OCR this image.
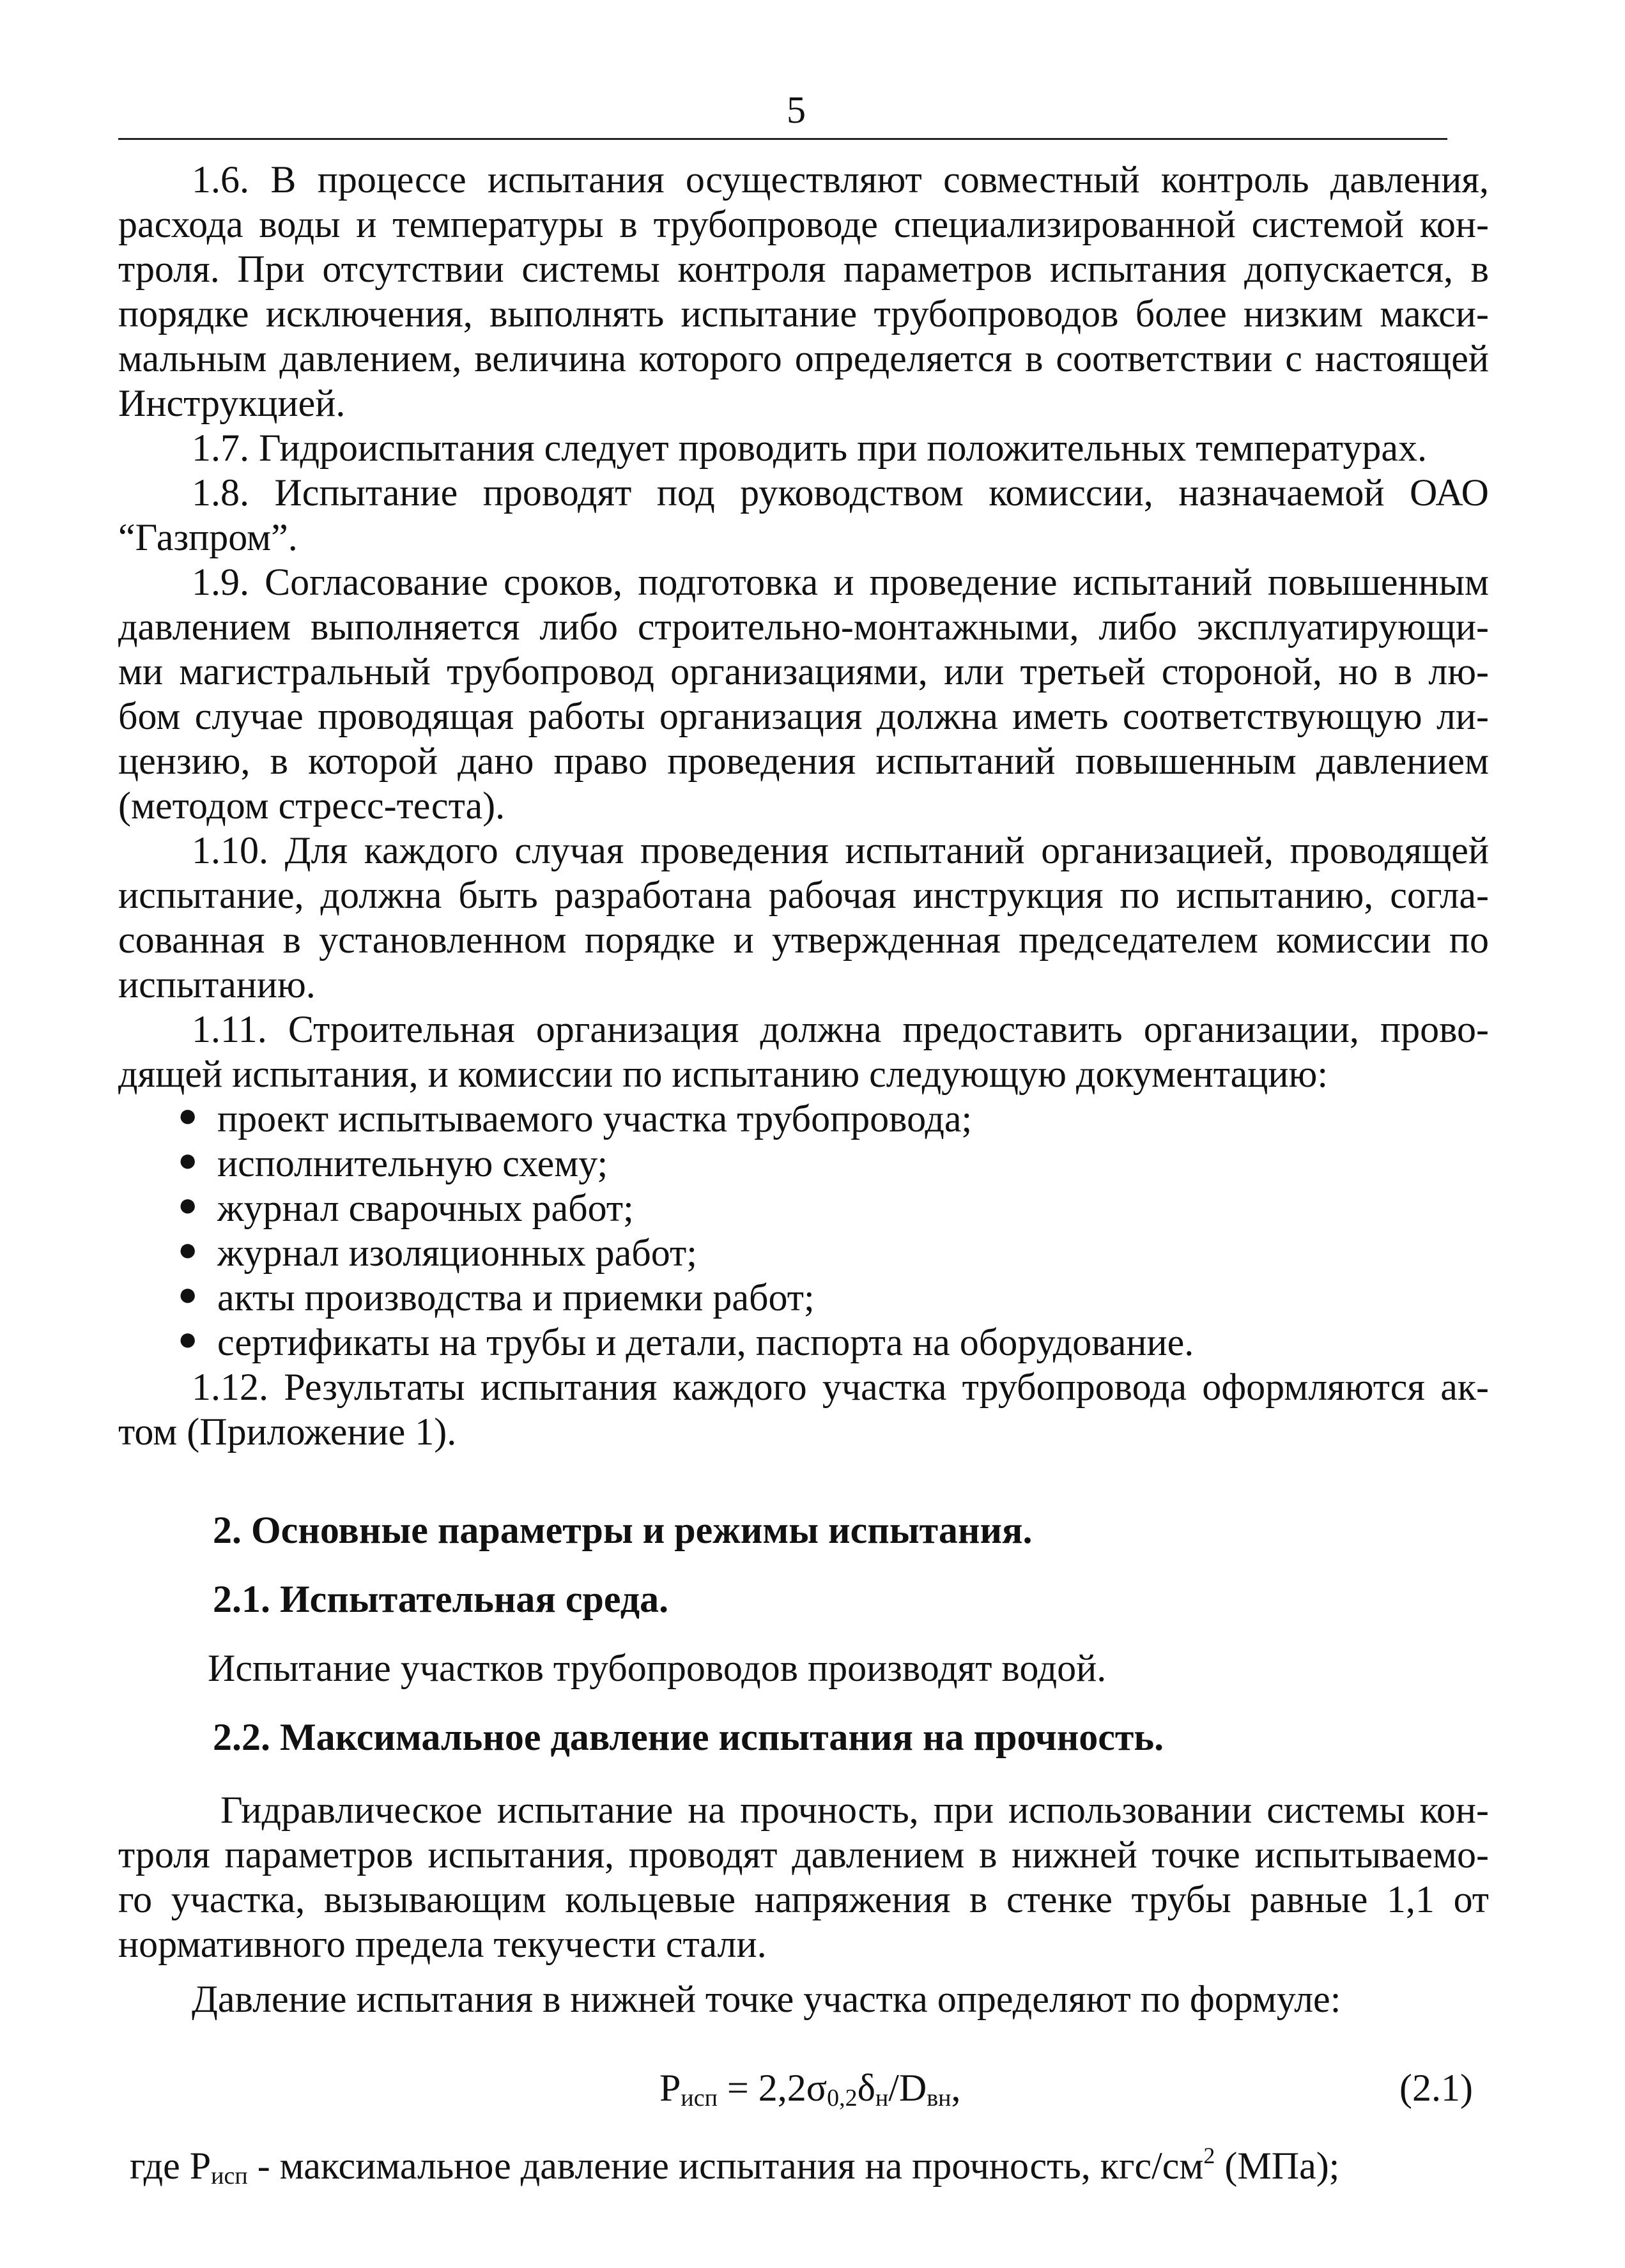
5
1.6. В процессе испытания осуществляют совместный контроль давления,
расхода воды и температуры в трубопроводе специализированной системой кон-
троля. При отсутствии системы контроля параметров испытания допускается, в
порядке исключения, выполнять испытание трубопроводов более низким макси-
мальным давлением, величина которого определяется в соответствии с настоящей
Инструкцией.
1.7. Гидроиспытания следует проводить при положительных температурах.
1.8. Испытание проводят под руководством комиссии, назначаемой ОАО
“Газпром”.
1.9. Согласование сроков, подготовка и проведение испытаний повышенным
давлением выполняется либо строительно-монтажными, либо эксплуатирующи-
ми магистральный трубопровод организациями, или третьей стороной, но в лю-
бом случае проводящая работы организация должна иметь соответствующую ли-
цензию, в которой дано право проведения испытаний повышенным давлением
(методом стресс-теста).
1.10. Для каждого случая проведения испытаний организацией, проводящей
испытание, должна быть разработана рабочая инструкция по испытанию, согла-
сованная в установленном порядке и утвержденная председателем комиссии по
испытанию.
1.11. Строительная организация должна предоставить организации, прово-
дящей испытания, и комиссии по испытанию следующую документацию:
● проект испытываемого участка трубопровода;
● исполнительную схему;
● журнал сварочных работ;
● журнал изоляционных работ;
● акты производства и приемки работ;
● сертификаты на трубы и детали, паспорта на оборудование.
1.12. Результаты испытания каждого участка трубопровода оформляются ак-
том (Приложение 1).
2. Основные параметры и режимы испытания.
2.1. Испытательная среда.
Испытание участков трубопроводов производят водой.
2.2. Максимальное давление испытания на прочность.
Гидравлическое испытание на прочность, при использовании системы кон-
троля параметров испытания, проводят давлением в нижней точке испытываемо-
го участка, вызывающим кольцевые напряжения в стенке трубы равные 1,1 от
нормативного предела текучести стали.
Давление испытания в нижней точке участка определяют по формуле:
$P_{исп} = 2,2\sigma_{0,2}\delta_н/D_{вн}$,	(2.1)
где $P_{исп}$ - максимальное давление испытания на прочность, кгс/$см^2$ (МПа);
